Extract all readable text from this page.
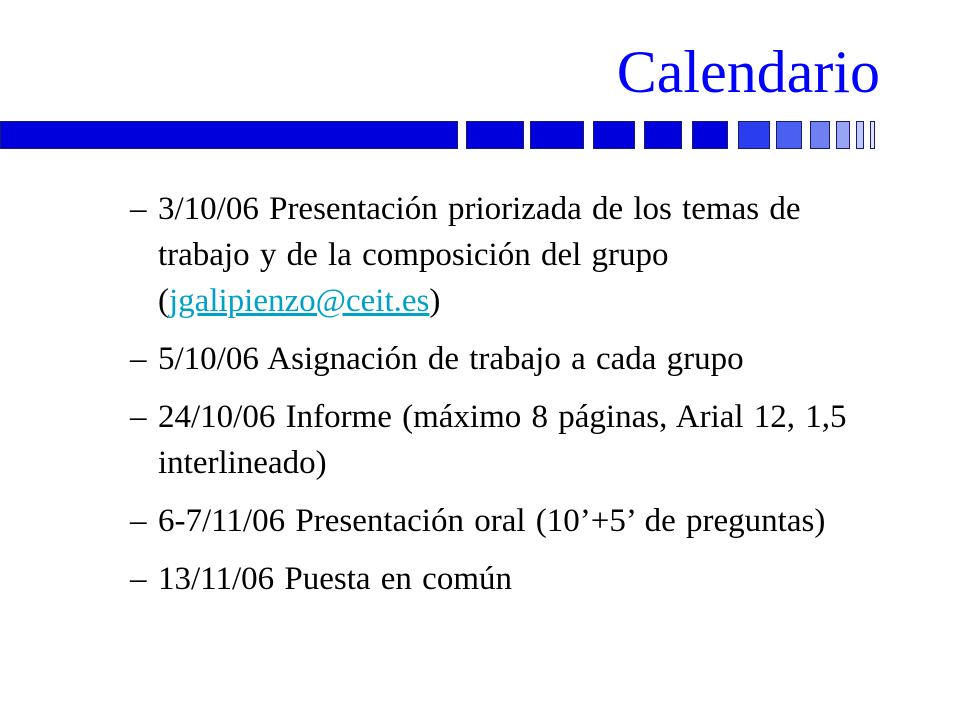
Calendario
– 3/10/06 Presentación priorizada de los temas de trabajo y de la composición del grupo (jgalipienzo@ceit.es)
– 5/10/06 Asignación de trabajo a cada grupo
– 24/10/06 Informe (máximo 8 páginas, Arial 12, 1,5 interlineado)
– 6-7/11/06 Presentación oral (10’+5’ de preguntas)
– 13/11/06 Puesta en común
